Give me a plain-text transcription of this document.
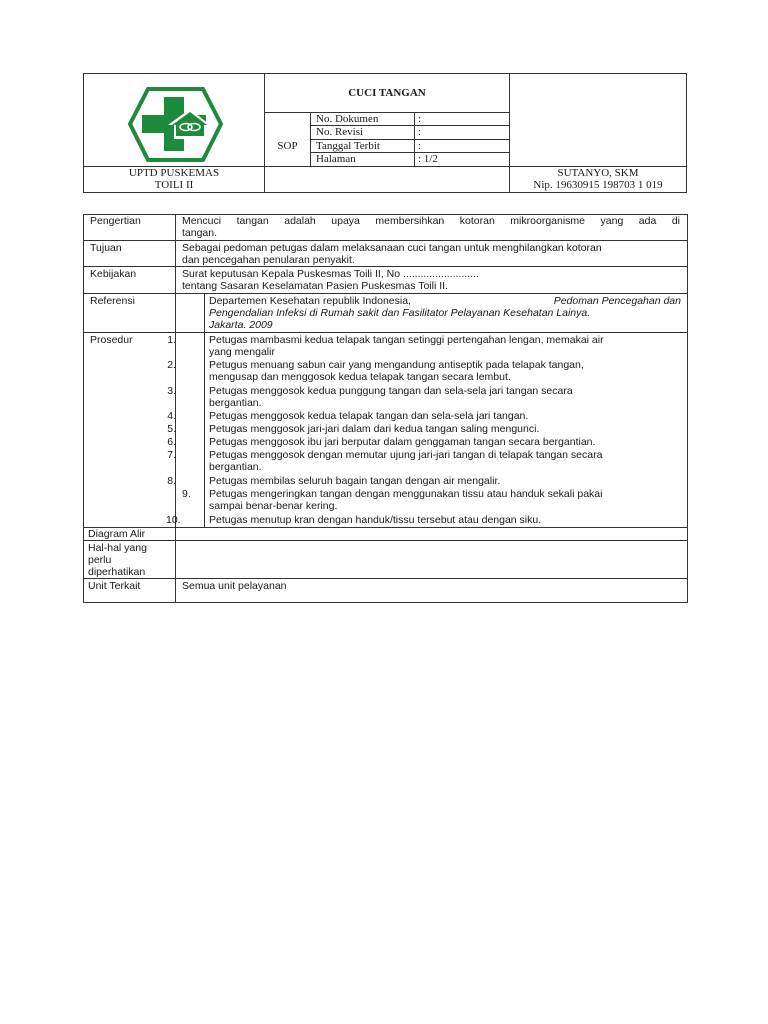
CUCI TANGAN
SOP
No. Dokumen	:
No. Revisi	:
Tanggal Terbit	:
Halaman	: 1/2
UPTD PUSKEMAS
TOILI II
SUTANYO, SKM
Nip. 19630915 198703 1 019
Pengertian	Mencuci tangan adalah upaya membersihkan kotoran mikroorganisme yang ada di
tangan.
Tujuan	Sebagai pedoman petugas dalam melaksanaan cuci tangan untuk menghilangkan kotoran
dan pencegahan penularan penyakit.
Kebijakan	Surat keputusan Kepala Puskesmas Toili II, No ..........................
tentang Sasaran Keselamatan Pasien Puskesmas Toili II.
Referensi	Departemen Kesehatan republik Indonesia,	Pedoman Pencegahan dan
Pengendalian Infeksi di Rumah sakit dan Fasilitator Pelayanan Kesehatan Lainya.
Jakarta. 2009
Prosedur	1.	Petugas mambasmi kedua telapak tangan setinggi pertengahan lengan, memakai air
yang mengalir
2.	Petugus menuang sabun cair yang mengandung antiseptik pada telapak tangan,
mengusap dan menggosok kedua telapak tangan secara lembut.
3.	Petugas menggosok kedua punggung tangan dan sela-sela jari tangan secara
bergantian.
4.	Petugas menggosok kedua telapak tangan dan sela-sela jari tangan.
5.	Petugas menggosok jari-jari dalam dari kedua tangan saling mengunci.
6.	Petugas menggosok ibu jari berputar dalam genggaman tangan secara bergantian.
7.	Petugas menggosok dengan memutar ujung jari-jari tangan di telapak tangan secara
bergantian.
8.	Petugas membilas seluruh bagain tangan dengan air mengalir.
9. Petugas mengeringkan tangan dengan menggunakan tissu atau handuk sekali pakai
sampai benar-benar kering.
10.	Petugas menutup kran dengan handuk/tissu tersebut atau dengan siku.
Diagram Alir
Hal-hal yang
perlu
diperhatikan
Unit Terkait	Semua unit pelayanan
